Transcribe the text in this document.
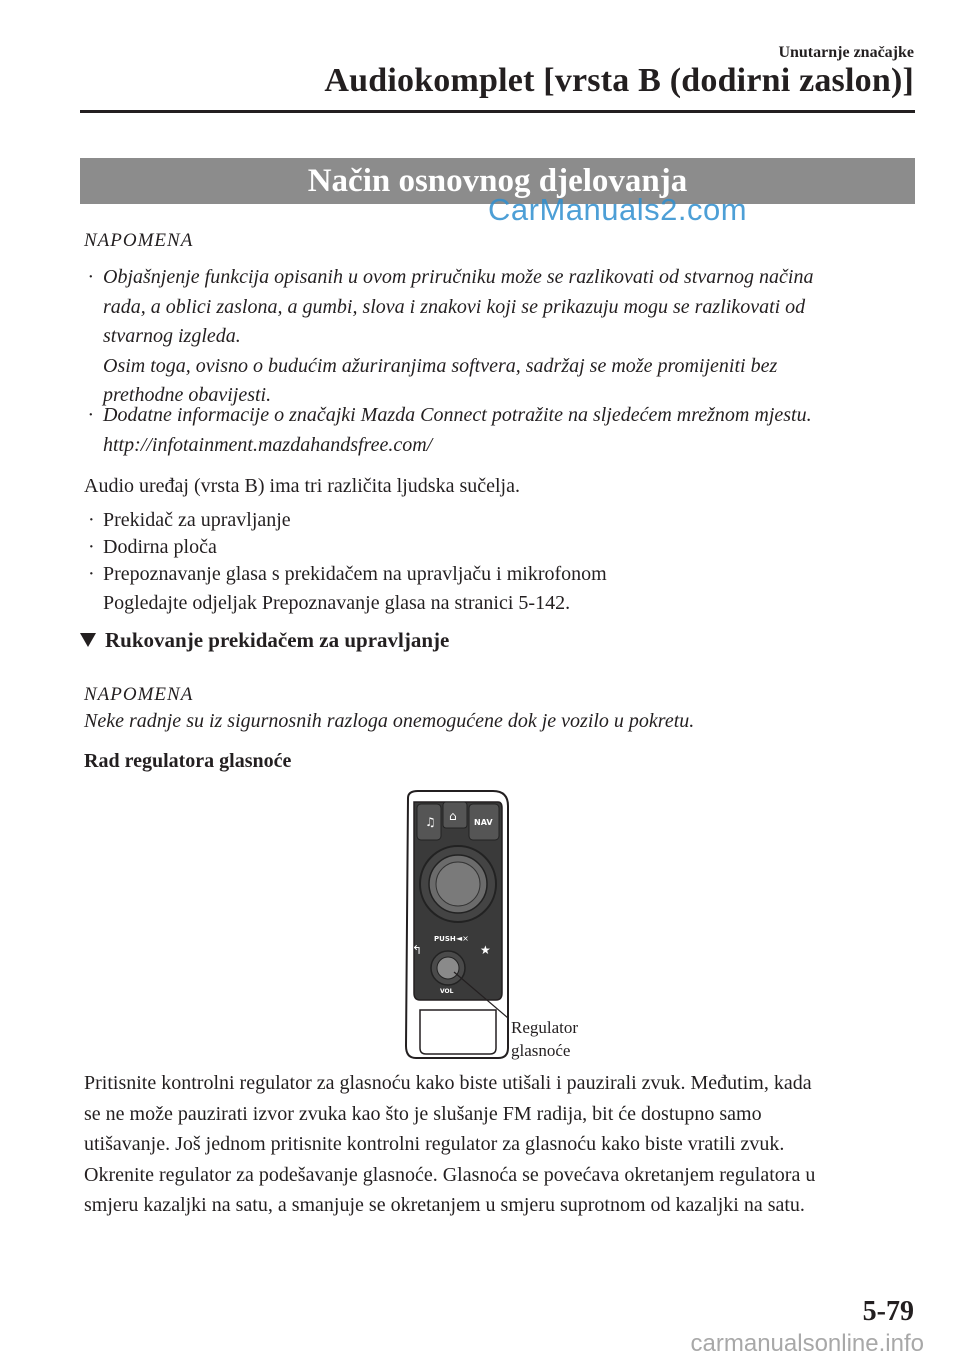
Unutarnje značajke
Audiokomplet [vrsta B (dodirni zaslon)]
Način osnovnog djelovanja
CarManuals2.com
NAPOMENA
· Objašnjenje funkcija opisanih u ovom priručniku može se razlikovati od stvarnog načina
rada, a oblici zaslona, a gumbi, slova i znakovi koji se prikazuju mogu se razlikovati od
stvarnog izgleda.
Osim toga, ovisno o budućim ažuriranjima softvera, sadržaj se može promijeniti bez
prethodne obavijesti.
· Dodatne informacije o značajki Mazda Connect potražite na sljedećem mrežnom mjestu.
http://infotainment.mazdahandsfree.com/
Audio uređaj (vrsta B) ima tri različita ljudska sučelja.
· Prekidač za upravljanje
· Dodirna ploča
· Prepoznavanje glasa s prekidačem na upravljaču i mikrofonom
Pogledajte odjeljak Prepoznavanje glasa na stranici 5-142.
Rukovanje prekidačem za upravljanje
NAPOMENA
Neke radnje su iz sigurnosnih razloga onemogućene dok je vozilo u pokretu.
Rad regulatora glasnoće
♫ ⌂ NAV
↰	★
PUSH ◄×
VOL
Regulator
glasnoće
Pritisnite kontrolni regulator za glasnoću kako biste utišali i pauzirali zvuk. Međutim, kada
se ne može pauzirati izvor zvuka kao što je slušanje FM radija, bit će dostupno samo
utišavanje. Još jednom pritisnite kontrolni regulator za glasnoću kako biste vratili zvuk.
Okrenite regulator za podešavanje glasnoće. Glasnoća se povećava okretanjem regulatora u
smjeru kazaljki na satu, a smanjuje se okretanjem u smjeru suprotnom od kazaljki na satu.
5-79
carmanualsonline.info
